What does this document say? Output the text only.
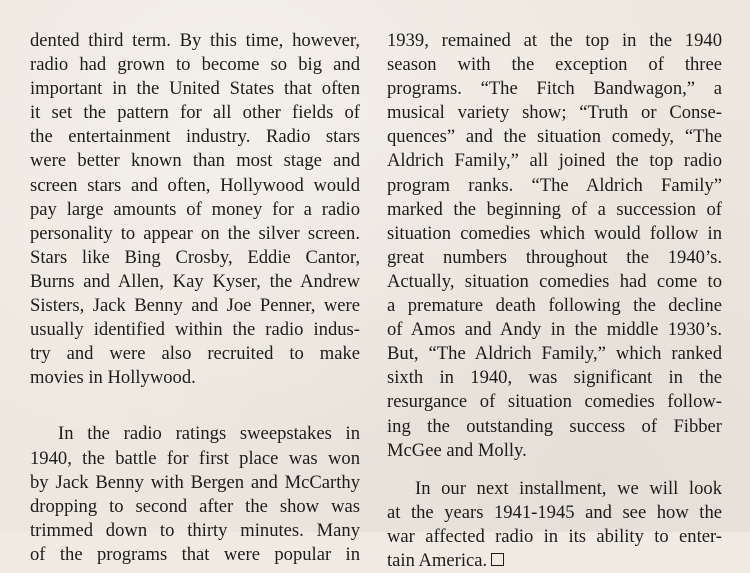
dented third term. By this time, however,
radio had grown to become so big and
important in the United States that often
it set the pattern for all other fields of
the entertainment industry. Radio stars
were better known than most stage and
screen stars and often, Hollywood would
pay large amounts of money for a radio
personality to appear on the silver screen.
Stars like Bing Crosby, Eddie Cantor,
Burns and Allen, Kay Kyser, the Andrew
Sisters, Jack Benny and Joe Penner, were
usually identified within the radio indus-
try and were also recruited to make
movies in Hollywood.
In the radio ratings sweepstakes in
1940, the battle for first place was won
by Jack Benny with Bergen and McCarthy
dropping to second after the show was
trimmed down to thirty minutes. Many
of the programs that were popular in
1939, remained at the top in the 1940
season with the exception of three
programs. “The Fitch Bandwagon,” a
musical variety show; “Truth or Conse-
quences” and the situation comedy, “The
Aldrich Family,” all joined the top radio
program ranks. “The Aldrich Family”
marked the beginning of a succession of
situation comedies which would follow in
great numbers throughout the 1940’s.
Actually, situation comedies had come to
a premature death following the decline
of Amos and Andy in the middle 1930’s.
But, “The Aldrich Family,” which ranked
sixth in 1940, was significant in the
resurgance of situation comedies follow-
ing the outstanding success of Fibber
McGee and Molly.
In our next installment, we will look
at the years 1941-1945 and see how the
war affected radio in its ability to enter-
tain America.
